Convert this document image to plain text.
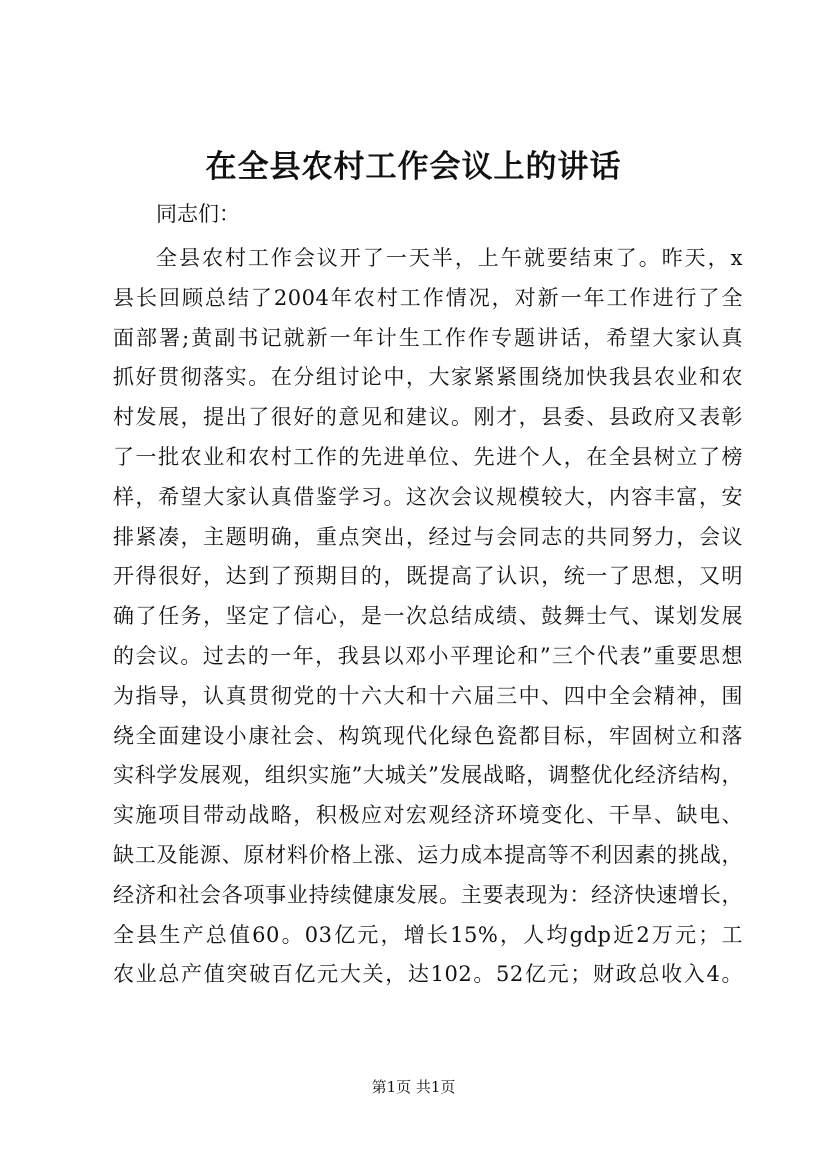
在全县农村工作会议上的讲话

同志们：

全县农村工作会议开了一天半，上午就要结束了。昨天，x
县长回顾总结了2004年农村工作情况，对新一年工作进行了全
面部署;黄副书记就新一年计生工作作专题讲话，希望大家认真
抓好贯彻落实。在分组讨论中，大家紧紧围绕加快我县农业和农
村发展，提出了很好的意见和建议。刚才，县委、县政府又表彰
了一批农业和农村工作的先进单位、先进个人，在全县树立了榜
样，希望大家认真借鉴学习。这次会议规模较大，内容丰富，安
排紧凑，主题明确，重点突出，经过与会同志的共同努力，会议
开得很好，达到了预期目的，既提高了认识，统一了思想，又明
确了任务，坚定了信心，是一次总结成绩、鼓舞士气、谋划发展
的会议。过去的一年，我县以邓小平理论和”三个代表”重要思想
为指导，认真贯彻党的十六大和十六届三中、四中全会精神，围
绕全面建设小康社会、构筑现代化绿色瓷都目标，牢固树立和落
实科学发展观，组织实施”大城关”发展战略，调整优化经济结构，
实施项目带动战略，积极应对宏观经济环境变化、干旱、缺电、
缺工及能源、原材料价格上涨、运力成本提高等不利因素的挑战，
经济和社会各项事业持续健康发展。主要表现为：经济快速增长，
全县生产总值60。03亿元，增长15%，人均gdp近2万元；工
农业总产值突破百亿元大关，达102。52亿元；财政总收入4。

第1页 共1页
